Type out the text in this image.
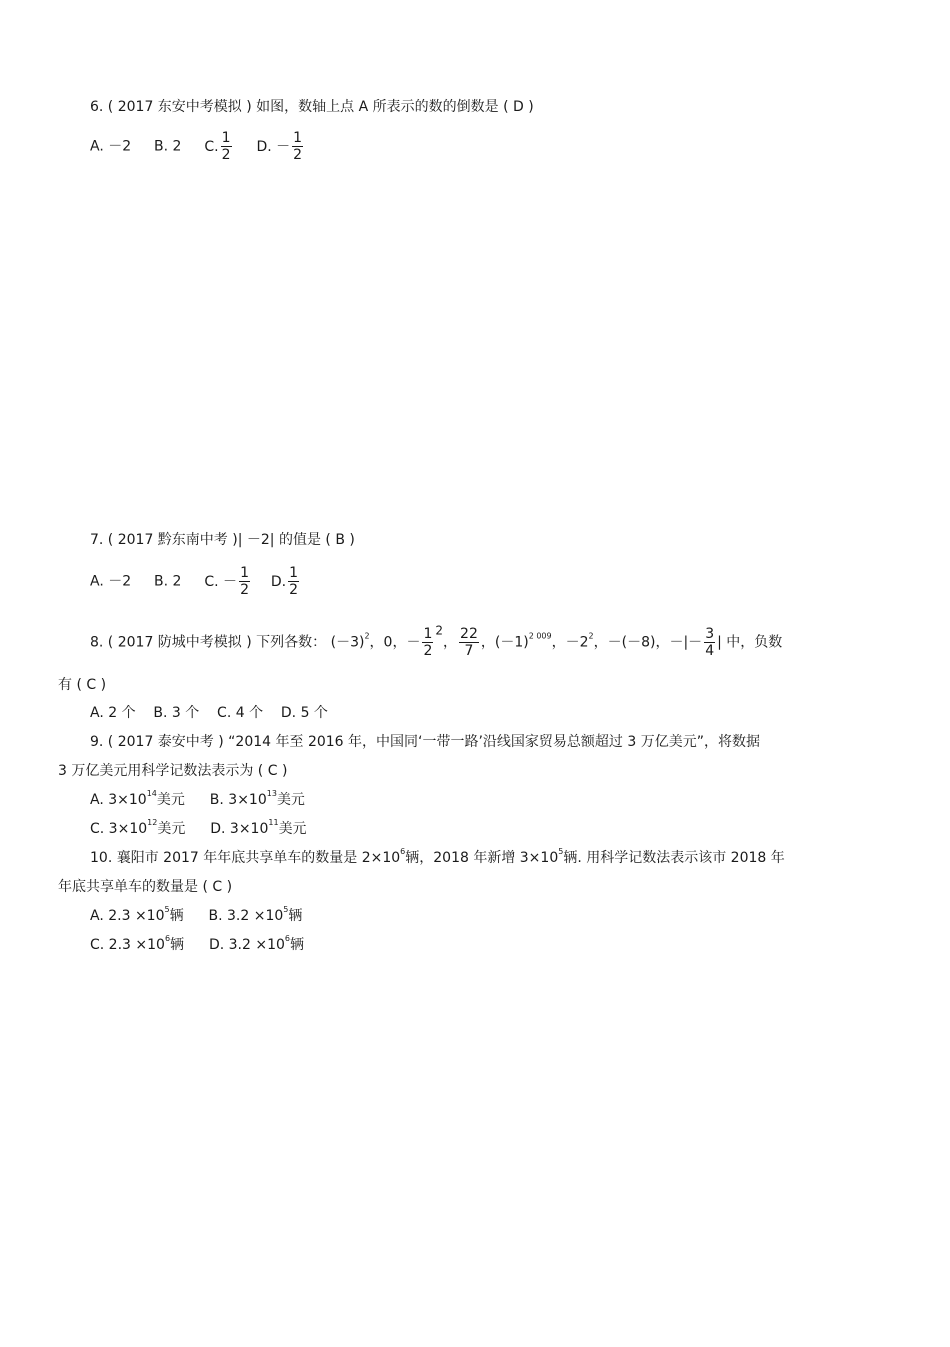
6. ( 2017 东安中考模拟 ) 如图，数轴上点 A 所表示的数的倒数是 ( D )
A. －2 B. 2 C. $\frac{1}{2} D$. － $\frac{1}{2}$
7. ( 2017 黔东南中考 )| －2| 的值是 ( B )
A. －2 B. 2 C. － $\frac{1}{2} D$. $\frac{1}{2}$
8. ( 2017 防城中考模拟 ) 下列各数： $(-3)^2$，0，－ $\frac{1}{2} ^2$， $\frac{22}{7}$ ，$(-1)^{2 009}$，$-2^2$，－(－8)，－|－ $\frac{3}{4}$ | 中，负数
有 ( C )
A. 2 个    B. 3 个    C. 4 个    D. 5 个
9. ( 2017 泰安中考 ) “2014 年至 2016 年，中国同‘一带一路’沿线国家贸易总额超过 3 万亿美元”，将数据
3 万亿美元用科学记数法表示为 ( C )
A. $3\times 10^{14}$美元 B. $3\times 10^{13}$美元
C. $3\times 10^{12}$美元 D. $3\times 10^{11}$美元
10. 襄阳市 2017 年年底共享单车的数量是 $2\times 10^6$辆，2018 年新增 $3\times 10^5$辆. 用科学记数法表示该市 2018 年
年底共享单车的数量是 ( C )
A. $2.3 \times 10^5$辆 B. $3.2 \times 10^5$辆
C. $2.3 \times 10^6$辆 D. $3.2 \times 10^6$辆
